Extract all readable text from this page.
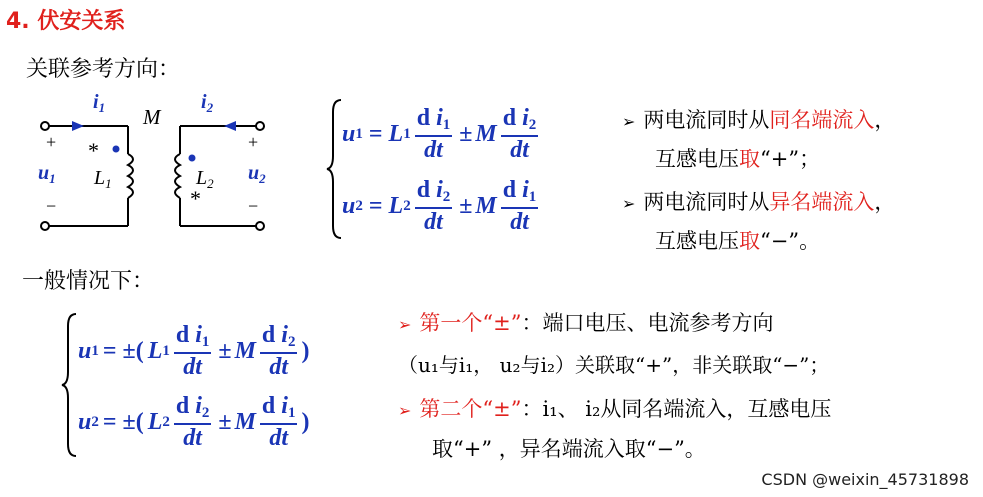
4. 伏安关系
关联参考方向：
$i_1$	$i_2$
M
$L_1$	$L_2$
$u_1$	$u_2$
+	+
−	−
*
*
u 1 = L $1 \frac{d i_1}{dt} \pm M \frac{d i_2}{dt}$
u 2 = L $2 \frac{d i_2}{dt} \pm M \frac{d i_1}{dt}$
➢ 两电流同时从同名端流入，
互感电压取“+”；
➢ 两电流同时从异名端流入，
互感电压取“−”。
一般情况下：
u 1 = ±( L $1 \frac{d i_1}{dt} \pm M \frac{d i_2}{dt}$ )
u 2 = ±( L $2 \frac{d i_2}{dt} \pm M \frac{d i_1}{dt}$ )
➢ 第一个“±”：端口电压、电流参考方向
（u₁与i₁， u₂与i₂）关联取“+”，非关联取“−”；
➢ 第二个“±”：i₁、 i₂从同名端流入，互感电压
取“+” ，异名端流入取“−”。
CSDN @weixin_45731898
